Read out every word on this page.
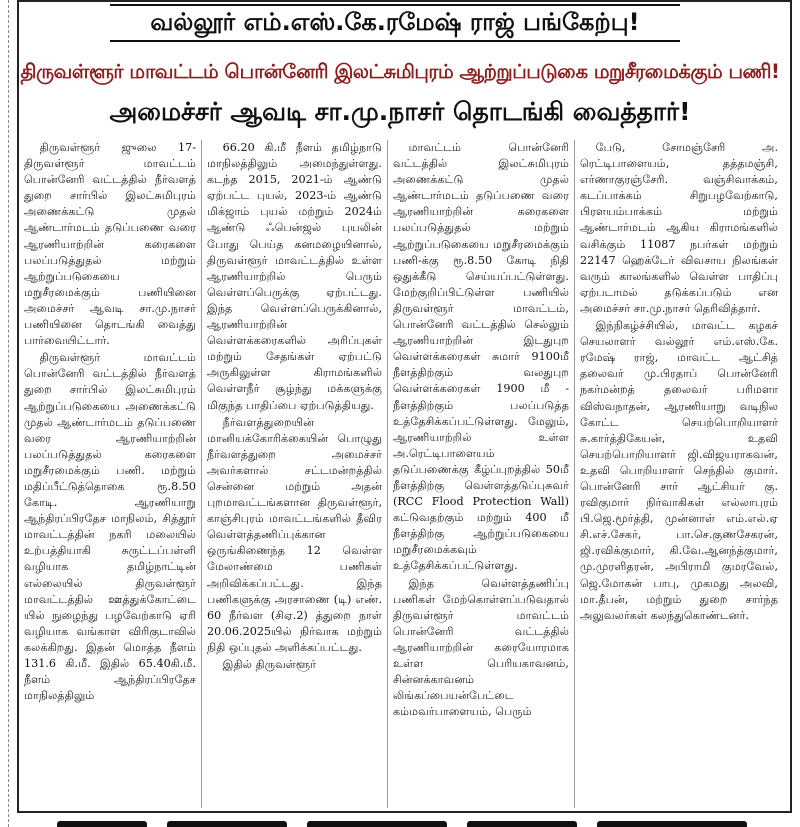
வல்லூர் எம்.எஸ்.கே.ரமேஷ் ராஜ் பங்கேற்பு!
திருவள்ளூர் மாவட்டம் பொன்னேரி இலட்சுமிபுரம் ஆற்றுப்படுகை மறுசீரமைக்கும் பணி!
அமைச்சர் ஆவடி சா.மு.நாசர் தொடங்கி வைத்தார்!

திருவள்ளூர் ஜுலை 17- திருவள்ளூர் மாவட்டம் பொன்னேரி வட்டத்தில் நீர்வளத் துறை சார்பில் இலட்சுமிபுரம் அணைக்கட்டு முதல் ஆண்டார்மடம் தடுப்பணை வரை ஆரணியாற்றின் கரைகளை பலப்படுத்துதல் மற்றும் ஆற்றுப்படுகையை மறுசீரமைக்கும் பணியினை அமைச்சர் ஆவடி சா.மு.நாசர் பணியினை தொடங்கி வைத்து பார்வையிட்டார்.

திருவள்ளூர் மாவட்டம் பொன்னேரி வட்டத்தில் நீர்வளத் துறை சார்பில் இலட்சுமிபுரம் ஆற்றுப்படுகையை அணைக்கட்டு முதல் ஆண்டார்மடம் தடுப்பணை வரை ஆரணியாற்றின் பலப்படுத்துதல் கரைகளை மறுசீரமைக்கும் பணி. மற்றும் மதிப்பீட்டுத்தொகை ரூ.8.50 கோடி. ஆரணியாறு ஆந்திரப்பிரதேச மாநிலம், சித்தூர் மாவட்டத்தின் நகரி மலையில் உற்பத்தியாகி சுருட்டப்பள்ளி வழியாக தமிழ்நாட்டின் எல்லையில் திருவள்ளூர் மாவட்டத்தில் ஊத்துக்கோட்டை யில் நுழைந்து பழவேற்காடு ஏரி வழியாக வங்காள விரிகுடாவில் கலக்கிறது. இதன் மொத்த நீளம் 131.6 கி.மீ. இதில் 65.40கி.மீ. நீளம் ஆந்திரப்பிரதேச மாநிலத்திலும்

66.20 கி.மீ நீளம் தமிழ்நாடு மாநிலத்திலும் அமைந்துள்ளது. கடந்த 2015, 2021-ம் ஆண்டு ஏற்பட்ட புயல், 2023-ம் ஆண்டு மிக்ஜாம் புயல் மற்றும் 2024ம் ஆண்டு ஃபென்ஜல் புயலின் போது பெய்த கனமழையினால், திருவள்ளூர் மாவட்டத்தில் உள்ள ஆரணியாற்றில் பெரும் வெள்ளப்பெருக்கு ஏற்பட்டது. இந்த வெள்ளப்பெருக்கினால், ஆரணியாற்றின் வெள்ளக்கரைகளில் அரிப்புகள் மற்றும் சேதங்கள் ஏற்பட்டு அருகிலுள்ள கிராமங்களில் வெள்ளநீர் சூழ்ந்து மக்களுக்கு மிகுந்த பாதிப்பை ஏற்படுத்தியது.

நீர்வளத்துறையின் மானியக்கோரிக்கையின் பொழுது நீர்வளத்துறை அமைச்சர் அவர்களால் சட்டமன்றத்தில் சென்னை மற்றும் அதன் புறமாவட்டங்களான திருவள்ளூர், காஞ்சிபுரம் மாவட்டங்களில் தீவிர வெள்ளத்தணிப்புக்கான ஒருங்கிணைந்த 12 வெள்ள மேலாண்மை பணிகள் அறிவிக்கப்பட்டது. இந்த பணிகளுக்கு அரசாணை (டி) எண். 60 நீர்வள (சிஏ.2) த்துறை நாள் 20.06.2025யில் நிர்வாக மற்றும் நிதி ஒப்புதல் அளிக்கப்பட்டது.

இதில் திருவள்ளூர்

மாவட்டம் பொன்னேரி வட்டத்தில் இலட்சுமிபுரம் அணைக்கட்டு முதல் ஆண்டார்மடம் தடுப்பணை வரை ஆரணியாற்றின் கரைகளை பலப்படுத்துதல் மற்றும் ஆற்றுப்படுகையை மறுசீரமைக்கும் பணி-க்கு ரூ.8.50 கோடி நிதி ஒதுக்கீடு செய்யப்பட்டுள்ளது. மேற்குறிப்பிட்டுள்ள பணியில் திருவள்ளூர் மாவட்டம், பொன்னேரி வட்டத்தில் செல்லும் ஆரணியாற்றின் இடதுபுற வெள்ளக்கரைகள் சுமார் 9100மீ நீளத்திற்கும் வலதுபுற வெள்ளக்கரைகள் 1900 மீ - நீளத்திற்கும் பலப்படுத்த உத்தேசிக்கப்பட்டுள்ளது. மேலும், ஆரணியாற்றில் உள்ள அ.ரெட்டிபாளையம் தடுப்பணைக்கு கீழ்ப்புறத்தில் 50மீ நீளத்திற்கு வெள்ளத்தடுப்புசுவர் (RCC Flood Protection Wall) கட்டுவதற்கும் மற்றும் 400 மீ நீளத்திற்கு ஆற்றுப்படுகையை மறுசீரமைக்கவும் உத்தேசிக்கப்பட்டுள்ளது.

இந்த வெள்ளத்தணிப்பு பணிகள் மேற்கொள்ளப்படுவதால் திருவள்ளூர் மாவட்டம் பொன்னேரி வட்டத்தில் ஆரணியாற்றின் கரையோரமாக உள்ள பெரியகாவனம், சின்னக்காவனம் லிங்கப்பையன்பேட்டை கம்மவர்பாளையம், பெரும்

பேடு, சோமஞ்சேரி அ. ரெட்டிபாளையம், தத்தமஞ்சி, எர்ணாகுரஞ்சேரி. வஞ்சிவாக்கம், கடப்பாக்கம் சிறுபழவேற்காடு, பிரளயம்பாக்கம் மற்றும் ஆண்டார்மடம் ஆகிய கிராமங்களில் வசிக்கும் 11087 நபர்கள் மற்றும் 22147 ஹெக்டேர் விவசாய நிலங்கள் வரும் காலங்களில் வெள்ள பாதிப்பு ஏற்படாமல் தடுக்கப்படும் என அமைச்சர் சா.மு.நாசர் தெரிவித்தார்.

இந்நிகழ்ச்சியில், மாவட்ட கழகச் செயலாளர் வல்லூர் எம்.எஸ்.கே. ரமேஷ் ராஜ், மாவட்ட ஆட்சித் தலைவர் மு.பிரதாப் பொன்னேரி நகர்மன்றத் தலைவர் பரிமளா விஸ்வநாதன், ஆரணியாறு வடிநில கோட்ட செயற்பொறியாளர் சு.கார்த்திகேயன், உதவி செயற்பொறியாளர் ஜி.விஜயராகவன், உதவி பொறியாளர் செந்தில் குமார். பொன்னேரி சார் ஆட்சியர் கு. ரவிகுமார் நிர்வாகிகள் எல்லாபுரம் பி.ஜெ.மூர்த்தி, முன்னாள் எம்.எல்.ஏ சி.எச்.சேகர், பா.செ.குணசேகரன், ஜி.ரவிக்குமார், கி.வே.ஆனந்த்குமார், மு.முரளிதரன், அபிராமி குமரவேல், ஜெ.மோகன் பாபு, முகமது அலவி, மா.தீபன், மற்றும் துறை சார்ந்த அலுவலர்கள் கலந்துகொண்டனர்.
